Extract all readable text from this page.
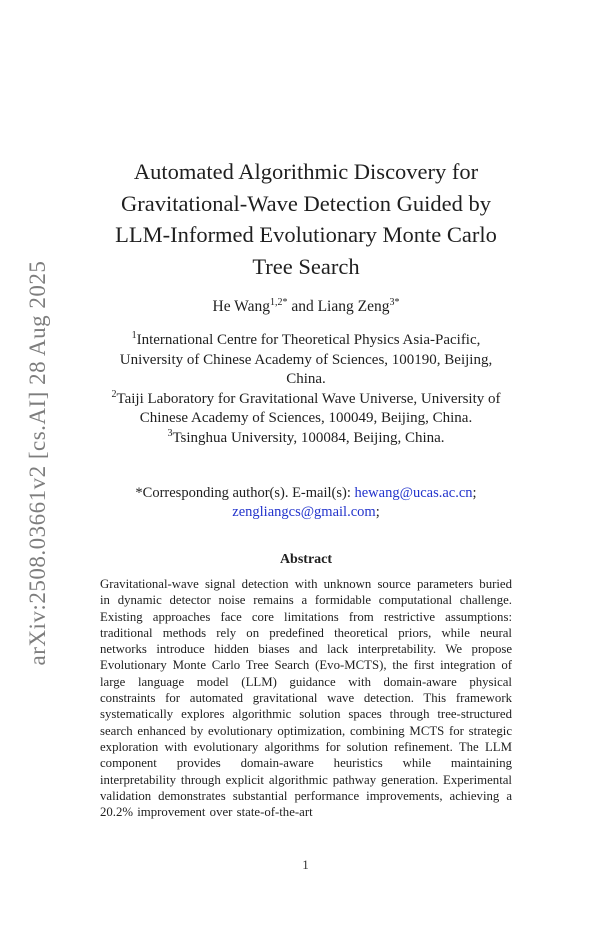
arXiv:2508.03661v2 [cs.AI] 28 Aug 2025
Automated Algorithmic Discovery for Gravitational-Wave Detection Guided by LLM-Informed Evolutionary Monte Carlo Tree Search
He Wang$^{1,2*}$ and Liang Zeng$^{3*}$

$^1$International Centre for Theoretical Physics Asia-Pacific, University of Chinese Academy of Sciences, 100190, Beijing, China.

$^2$Taiji Laboratory for Gravitational Wave Universe, University of Chinese Academy of Sciences, 100049, Beijing, China.

$^3$Tsinghua University, 100084, Beijing, China.

*Corresponding author(s). E-mail(s): hewang@ucas.ac.cn;
zengliangcs@gmail.com;
Abstract

Gravitational-wave signal detection with unknown source parameters buried in dynamic detector noise remains a formidable computational challenge. Existing approaches face core limitations from restrictive assumptions: traditional methods rely on predefined theoretical priors, while neural networks introduce hidden biases and lack interpretability. We propose Evolutionary Monte Carlo Tree Search (Evo-MCTS), the first integration of large language model (LLM) guidance with domain-aware physical constraints for automated gravitational wave detection. This framework systematically explores algorithmic solution spaces through tree-structured search enhanced by evolutionary optimization, combining MCTS for strategic exploration with evolutionary algorithms for solution refinement. The LLM component provides domain-aware heuristics while maintaining interpretability through explicit algorithmic pathway generation. Experimental validation demonstrates substantial performance improvements, achieving a 20.2% improvement over state-of-the-art

1
